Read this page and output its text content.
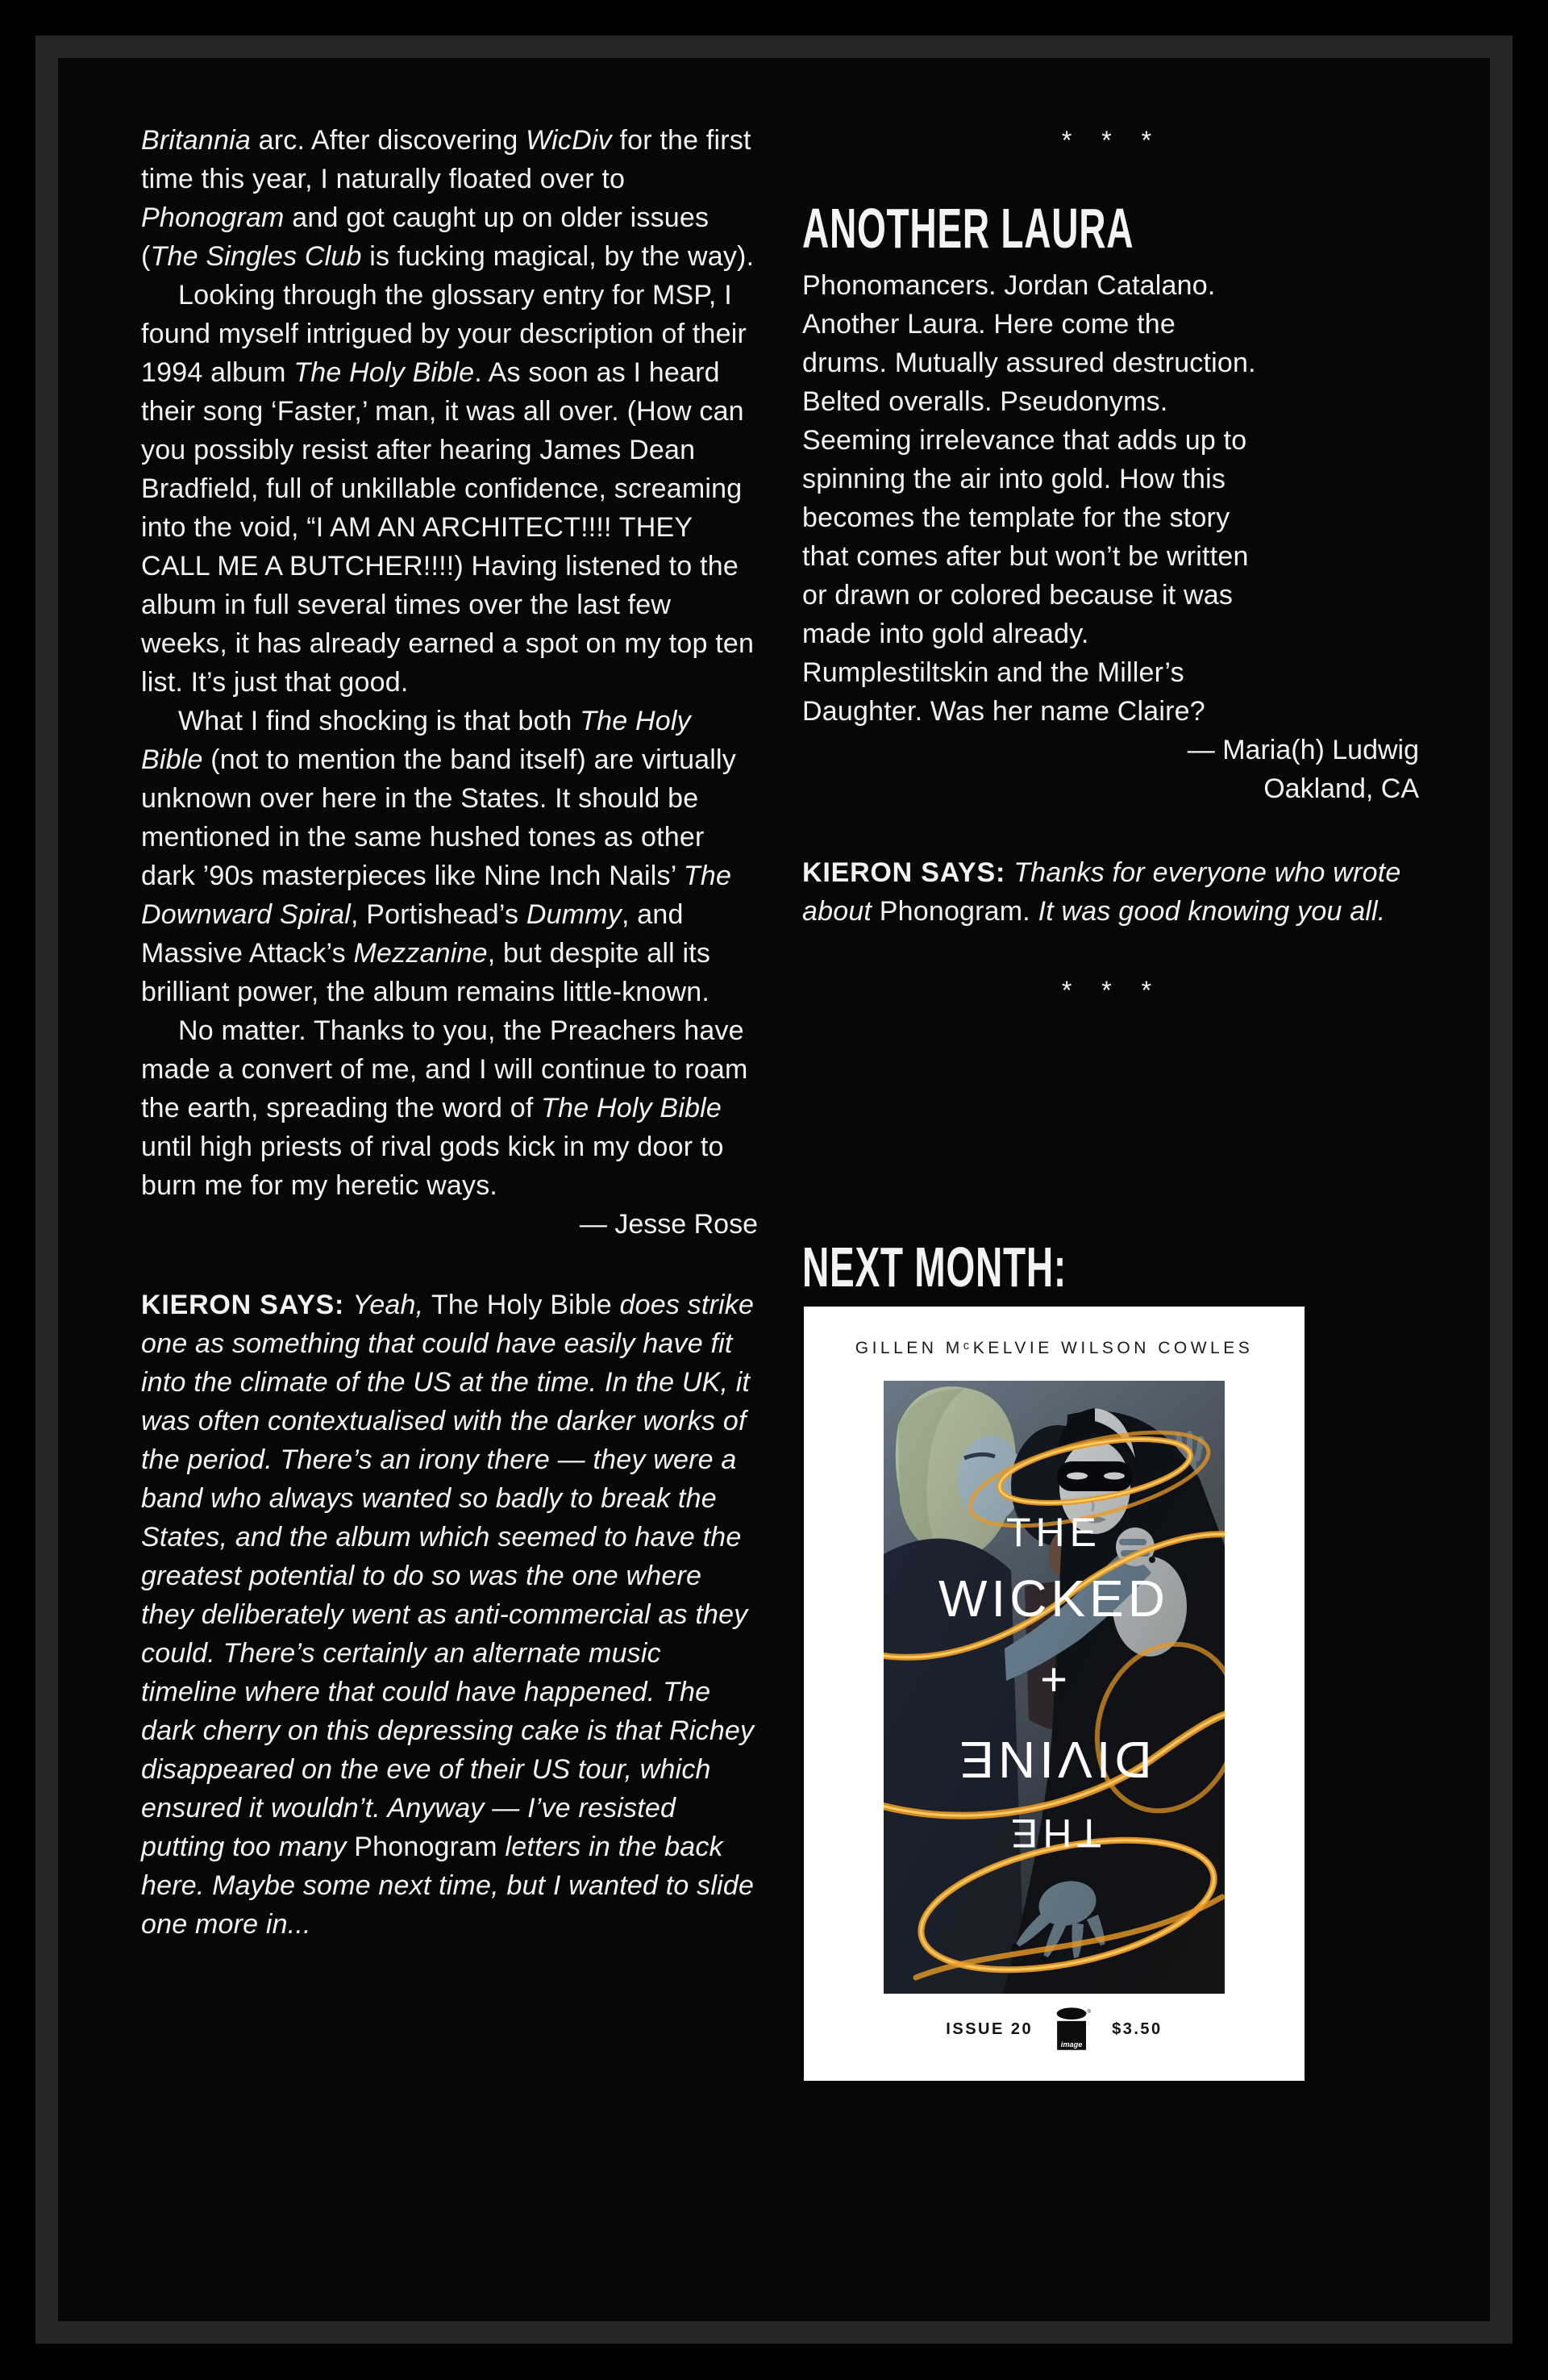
Britannia arc. After discovering WicDiv for the first time this year, I naturally floated over to Phonogram and got caught up on older issues (The Singles Club is fucking magical, by the way).

Looking through the glossary entry for MSP, I found myself intrigued by your description of their 1994 album The Holy Bible. As soon as I heard their song ‘Faster,’ man, it was all over. (How can you possibly resist after hearing James Dean Bradfield, full of unkillable confidence, screaming into the void, “I AM AN ARCHITECT!!!! THEY CALL ME A BUTCHER!!!!) Having listened to the album in full several times over the last few weeks, it has already earned a spot on my top ten list. It’s just that good.

What I find shocking is that both The Holy Bible (not to mention the band itself) are virtually unknown over here in the States. It should be mentioned in the same hushed tones as other dark ’90s masterpieces like Nine Inch Nails’ The Downward Spiral, Portishead’s Dummy, and Massive Attack’s Mezzanine, but despite all its brilliant power, the album remains little-known.

No matter. Thanks to you, the Preachers have made a convert of me, and I will continue to roam the earth, spreading the word of The Holy Bible until high priests of rival gods kick in my door to burn me for my heretic ways.

— Jesse Rose

KIERON SAYS: Yeah, The Holy Bible does strike one as something that could have easily have fit into the climate of the US at the time. In the UK, it was often contextualised with the darker works of the period. There’s an irony there — they were a band who always wanted so badly to break the States, and the album which seemed to have the greatest potential to do so was the one where they deliberately went as anti-commercial as they could. There’s certainly an alternate music timeline where that could have happened. The dark cherry on this depressing cake is that Richey disappeared on the eve of their US tour, which ensured it wouldn’t. Anyway — I’ve resisted putting too many Phonogram letters in the back here. Maybe some next time, but I wanted to slide one more in...

* * *
ANOTHER LAURA

Phonomancers. Jordan Catalano. Another Laura. Here come the drums. Mutually assured destruction. Belted overalls. Pseudonyms. Seeming irrelevance that adds up to spinning the air into gold. How this becomes the template for the story that comes after but won’t be written or drawn or colored because it was made into gold already. Rumplestiltskin and the Miller’s Daughter. Was her name Claire?

— Maria(h) Ludwig
Oakland, CA

KIERON SAYS: Thanks for everyone who wrote about Phonogram. It was good knowing you all.

* * *
NEXT MONTH:
GILLEN MᶜKELVIE WILSON COWLES
THE
WICKED
+
DIVINE
THE
ISSUE 20
image
®
$3.50
